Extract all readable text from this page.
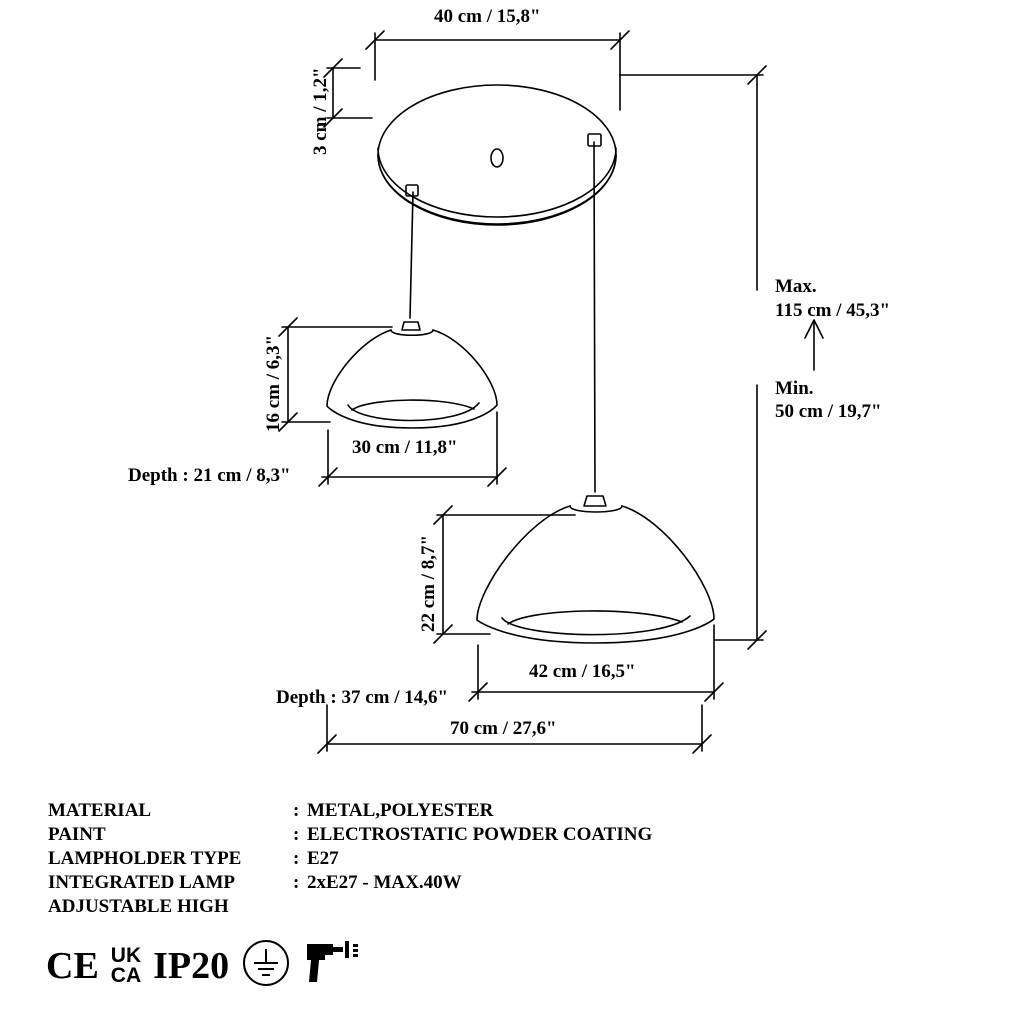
40 cm / 15,8"
3 cm / 1,2"
16 cm / 6,3"
30 cm / 11,8"
Depth : 21 cm / 8,3"
22 cm / 8,7"
42 cm / 16,5"
Depth : 37 cm / 14,6"
70 cm / 27,6"
Max.
115 cm / 45,3"
Min.
50 cm / 19,7"
MATERIAL	:	METAL,POLYESTER
PAINT	:	ELECTROSTATIC POWDER COATING
LAMPHOLDER TYPE	:	E27
INTEGRATED LAMP	:	2xE27 - MAX.40W
ADJUSTABLE HIGH		
CE UK
CA IP20
